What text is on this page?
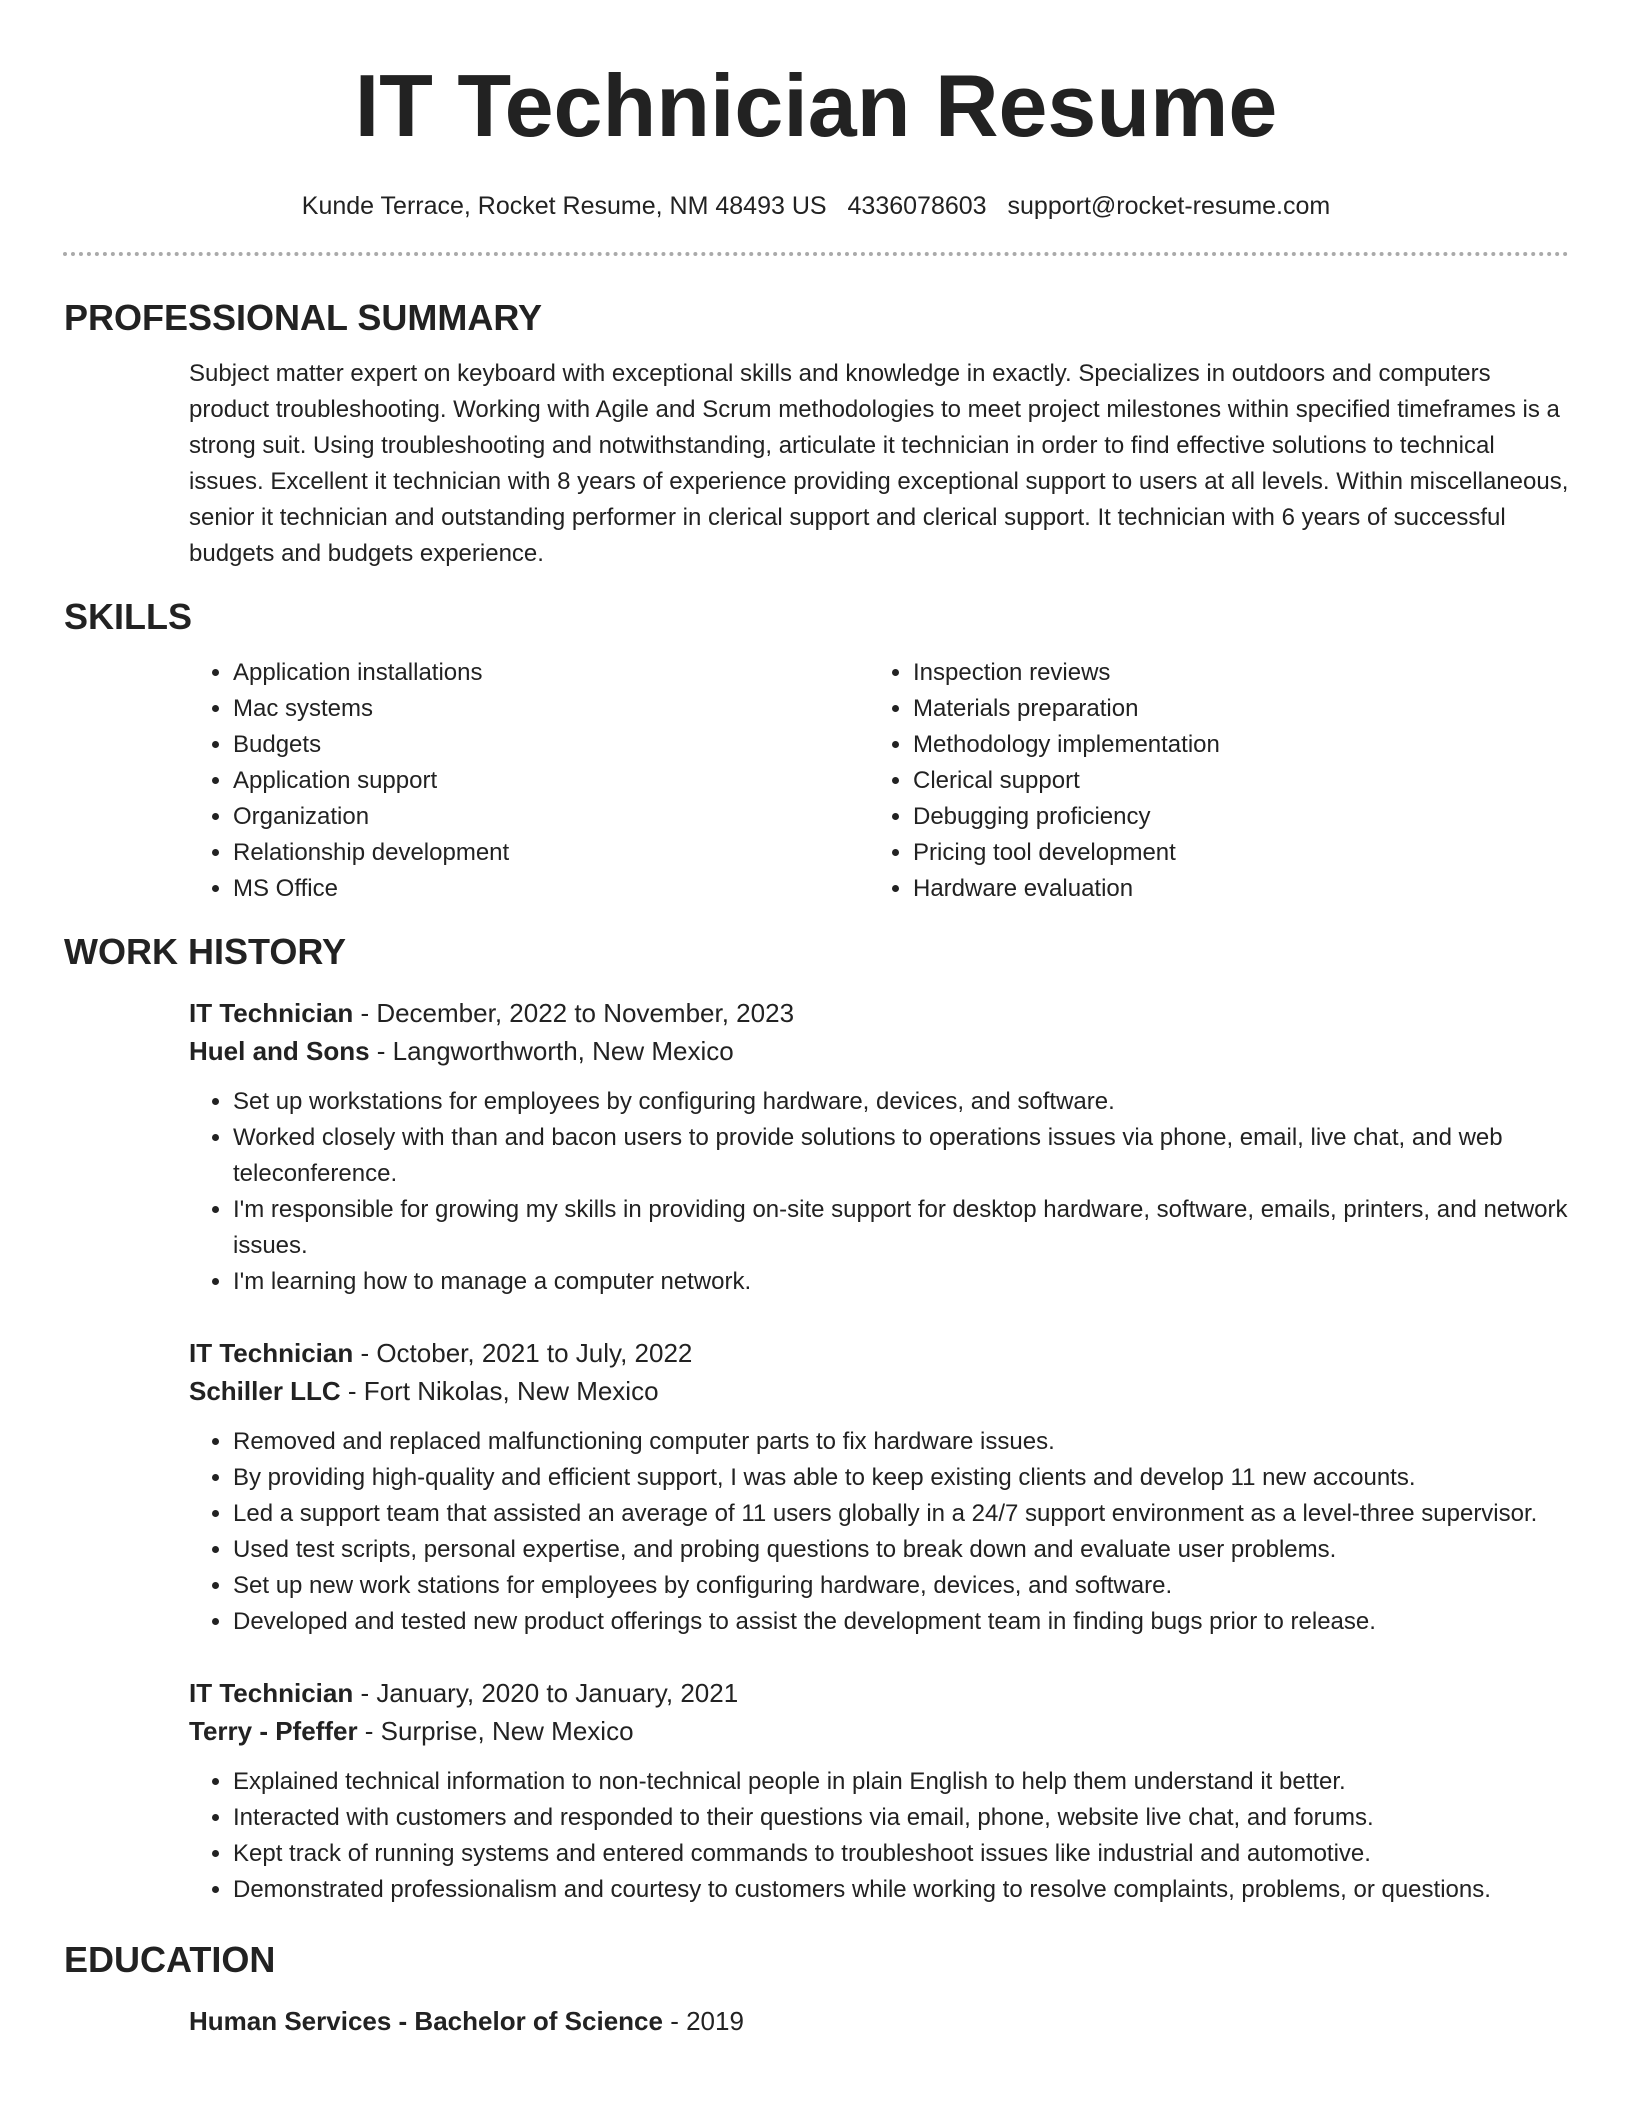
IT Technician Resume
Kunde Terrace, Rocket Resume, NM 48493 US 4336078603 support@rocket-resume.com
PROFESSIONAL SUMMARY

Subject matter expert on keyboard with exceptional skills and knowledge in exactly. Specializes in outdoors and computers product troubleshooting. Working with Agile and Scrum methodologies to meet project milestones within specified timeframes is a strong suit. Using troubleshooting and notwithstanding, articulate it technician in order to find effective solutions to technical issues. Excellent it technician with 8 years of experience providing exceptional support to users at all levels. Within miscellaneous, senior it technician and outstanding performer in clerical support and clerical support. It technician with 6 years of successful budgets and budgets experience.

SKILLS
• Application installations
• Mac systems
• Budgets
• Application support
• Organization
• Relationship development
• MS Office
• Inspection reviews
• Materials preparation
• Methodology implementation
• Clerical support
• Debugging proficiency
• Pricing tool development
• Hardware evaluation
WORK HISTORY
IT Technician - December, 2022 to November, 2023
Huel and Sons - Langworthworth, New Mexico
• Set up workstations for employees by configuring hardware, devices, and software.
• Worked closely with than and bacon users to provide solutions to operations issues via phone, email, live chat, and web teleconference.
• I'm responsible for growing my skills in providing on-site support for desktop hardware, software, emails, printers, and network issues.
• I'm learning how to manage a computer network.
IT Technician - October, 2021 to July, 2022
Schiller LLC - Fort Nikolas, New Mexico
• Removed and replaced malfunctioning computer parts to fix hardware issues.
• By providing high-quality and efficient support, I was able to keep existing clients and develop 11 new accounts.
• Led a support team that assisted an average of 11 users globally in a 24/7 support environment as a level-three supervisor.
• Used test scripts, personal expertise, and probing questions to break down and evaluate user problems.
• Set up new work stations for employees by configuring hardware, devices, and software.
• Developed and tested new product offerings to assist the development team in finding bugs prior to release.
IT Technician - January, 2020 to January, 2021
Terry - Pfeffer - Surprise, New Mexico
• Explained technical information to non-technical people in plain English to help them understand it better.
• Interacted with customers and responded to their questions via email, phone, website live chat, and forums.
• Kept track of running systems and entered commands to troubleshoot issues like industrial and automotive.
• Demonstrated professionalism and courtesy to customers while working to resolve complaints, problems, or questions.
EDUCATION
Human Services - Bachelor of Science - 2019
